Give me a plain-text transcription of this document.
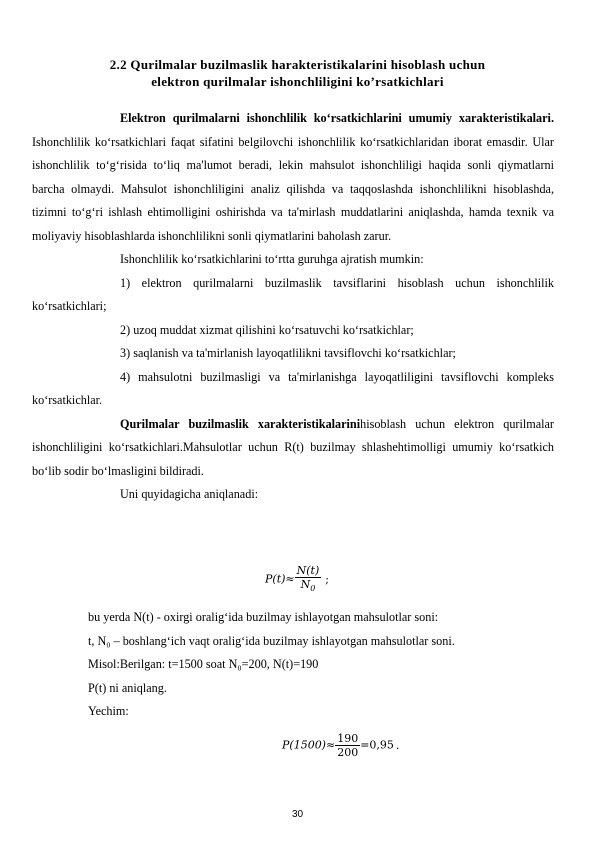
2.2 Qurilmalar buzilmaslik harakteristikalarini hisoblash uchun
elektron qurilmalar ishonchliligini ko’rsatkichlari

Elektron qurilmalarni ishonchlilik ko‘rsatkichlarini umumiy xarakteristikalari. Ishonchlilik ko‘rsatkichlari faqat sifatini belgilovchi ishonchlilik ko‘rsatkichlaridan iborat emasdir. Ular ishonchlilik to‘g‘risida to‘liq ma'lumot beradi, lekin mahsulot ishonchliligi haqida sonli qiymatlarni barcha olmaydi. Mahsulot ishonchliligini analiz qilishda va taqqoslashda ishonchlilikni hisoblashda, tizimni to‘g‘ri ishlash ehtimolligini oshirishda va ta'mirlash muddatlarini aniqlashda, hamda texnik va moliyaviy hisoblashlarda ishonchlilikni sonli qiymatlarini baholash zarur.

Ishonchlilik ko‘rsatkichlarini to‘rtta guruhga ajratish mumkin:

1) elektron qurilmalarni buzilmaslik tavsiflarini hisoblash uchun ishonchlilik ko‘rsatkichlari;

2) uzoq muddat xizmat qilishini ko‘rsatuvchi ko‘rsatkichlar;

3) saqlanish va ta'mirlanish layoqatlilikni tavsiflovchi ko‘rsatkichlar;

4) mahsulotni buzilmasligi va ta'mirlanishga layoqatliligini tavsiflovchi kompleks ko‘rsatkichlar.

Qurilmalar buzilmaslik xarakteristikalarinihisoblash uchun elektron qurilmalar ishonchliligini ko‘rsatkichlari.Mahsulotlar uchun R(t) buzilmay shlashehtimolligi umumiy ko‘rsatkich bo‘lib sodir bo‘lmasligini bildiradi.

Uni quyidagicha aniqlanadi:

$P(t)\approx \frac{N(t)}{N_0}$ ;

bu yerda N(t) - oxirgi oralig‘ida buzilmay ishlayotgan mahsulotlar soni:

t, N₀ – boshlang‘ich vaqt oralig‘ida buzilmay ishlayotgan mahsulotlar soni.

Misol:Berilgan: t=1500 soat N₀=200, N(t)=190

P(t) ni aniqlang.

Yechim:

$P(1500)\approx \frac{190}{200} =0,95$ .
30
